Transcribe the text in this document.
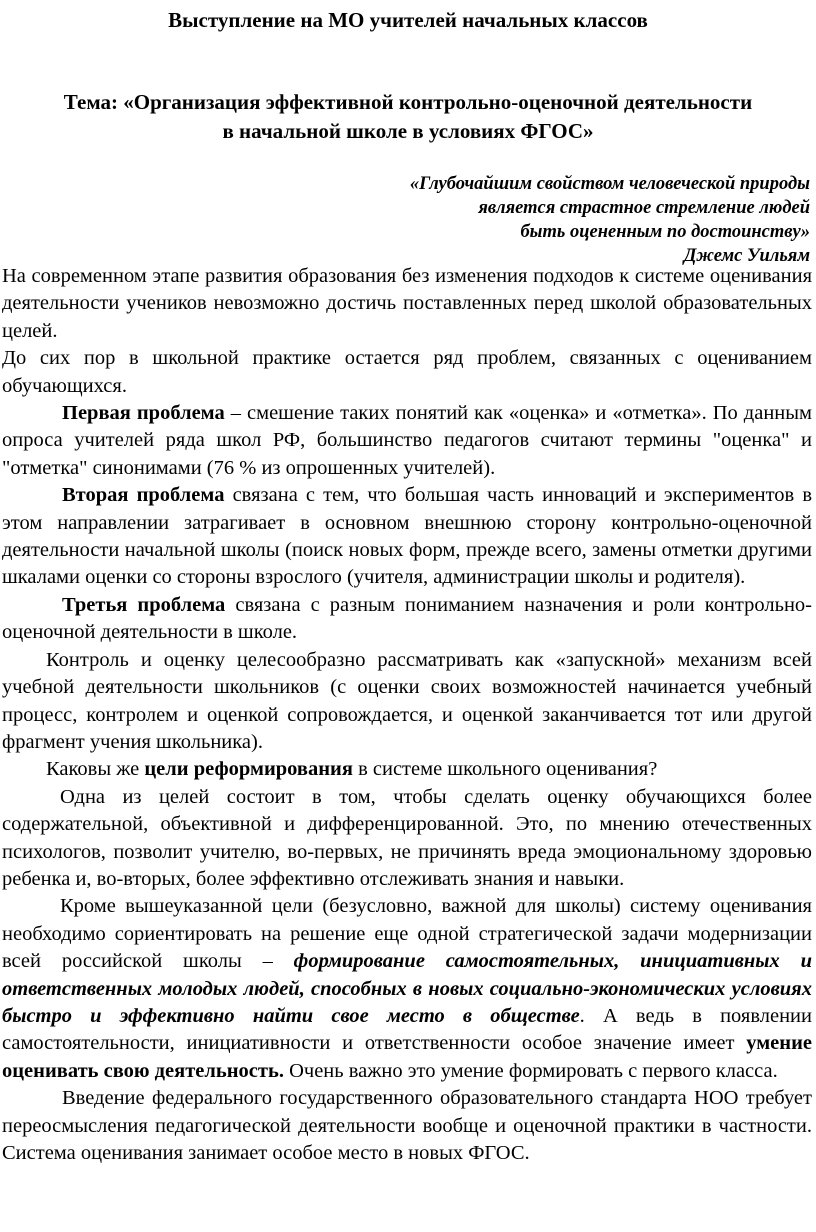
Выступление на МО учителей начальных классов
Тема: «Организация эффективной контрольно-оценочной деятельности
в начальной школе в условиях ФГОС»
«Глубочайшим свойством человеческой природы
является страстное стремление людей
быть оцененным по достоинству»
Джемс Уильям

На современном этапе развития образования без изменения подходов к системе оценивания деятельности учеников невозможно достичь поставленных перед школой образовательных целей.

До сих пор в школьной практике остается ряд проблем, связанных с оцениванием обучающихся.

Первая проблема – смешение таких понятий как «оценка» и «отметка». По данным опроса учителей ряда школ РФ, большинство педагогов считают термины "оценка" и "отметка" синонимами (76 % из опрошенных учителей).

Вторая проблема связана с тем, что большая часть инноваций и экспериментов в этом направлении затрагивает в основном внешнюю сторону контрольно-оценочной деятельности начальной школы (поиск новых форм, прежде всего, замены отметки другими шкалами оценки со стороны взрослого (учителя, администрации школы и родителя).

Третья проблема связана с разным пониманием назначения и роли контрольно-оценочной деятельности в школе.

Контроль и оценку целесообразно рассматривать как «запускной» механизм всей учебной деятельности школьников (с оценки своих возможностей начинается учебный процесс, контролем и оценкой сопровождается, и оценкой заканчивается тот или другой фрагмент учения школьника).

Каковы же цели реформирования в системе школьного оценивания?

Одна из целей состоит в том, чтобы сделать оценку обучающихся более содержательной, объективной и дифференцированной. Это, по мнению отечественных психологов, позволит учителю, во-первых, не причинять вреда эмоциональному здоровью ребенка и, во-вторых, более эффективно отслеживать знания и навыки.

Кроме вышеуказанной цели (безусловно, важной для школы) систему оценивания необходимо сориентировать на решение еще одной стратегической задачи модернизации всей российской школы – формирование самостоятельных, инициативных и ответственных молодых людей, способных в новых социально-экономических условиях быстро и эффективно найти свое место в обществе. А ведь в появлении самостоятельности, инициативности и ответственности особое значение имеет умение оценивать свою деятельность. Очень важно это умение формировать с первого класса.

Введение федерального государственного образовательного стандарта НОО требует переосмысления педагогической деятельности вообще и оценочной практики в частности. Система оценивания занимает особое место в новых ФГОС.
